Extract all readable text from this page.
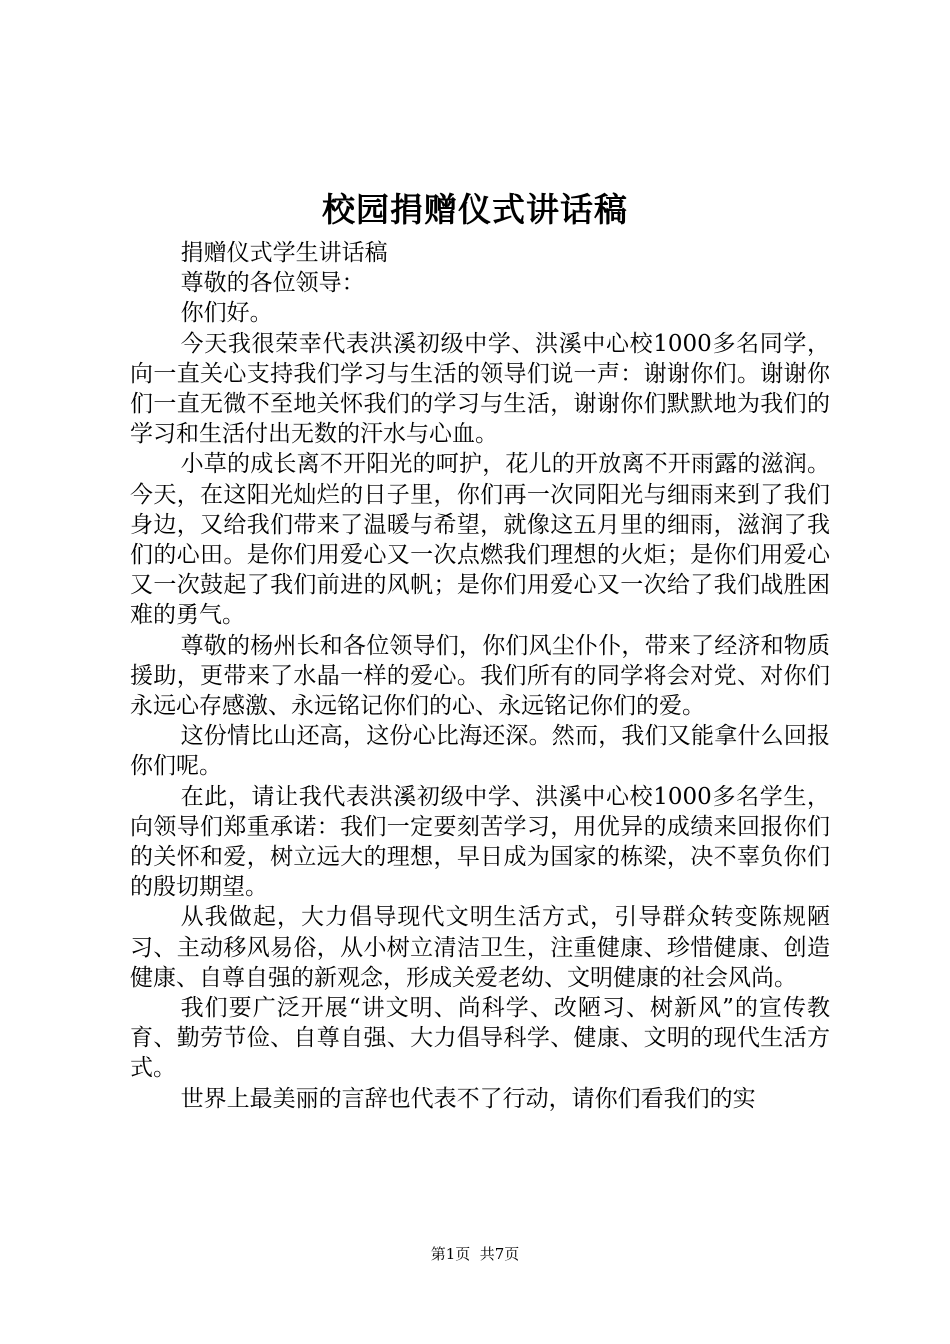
校园捐赠仪式讲话稿

捐赠仪式学生讲话稿

尊敬的各位领导：

你们好。

今天我很荣幸代表洪溪初级中学、洪溪中心校1000多名同学，向一直关心支持我们学习与生活的领导们说一声：谢谢你们。谢谢你们一直无微不至地关怀我们的学习与生活，谢谢你们默默地为我们的学习和生活付出无数的汗水与心血。

小草的成长离不开阳光的呵护，花儿的开放离不开雨露的滋润。今天，在这阳光灿烂的日子里，你们再一次同阳光与细雨来到了我们身边，又给我们带来了温暖与希望，就像这五月里的细雨，滋润了我们的心田。是你们用爱心又一次点燃我们理想的火炬；是你们用爱心又一次鼓起了我们前进的风帆；是你们用爱心又一次给了我们战胜困难的勇气。

尊敬的杨州长和各位领导们，你们风尘仆仆，带来了经济和物质援助，更带来了水晶一样的爱心。我们所有的同学将会对党、对你们永远心存感激、永远铭记你们的心、永远铭记你们的爱。

这份情比山还高，这份心比海还深。然而，我们又能拿什么回报你们呢。

在此，请让我代表洪溪初级中学、洪溪中心校1000多名学生，向领导们郑重承诺：我们一定要刻苦学习，用优异的成绩来回报你们的关怀和爱，树立远大的理想，早日成为国家的栋梁，决不辜负你们的殷切期望。

从我做起，大力倡导现代文明生活方式，引导群众转变陈规陋习、主动移风易俗，从小树立清洁卫生，注重健康、珍惜健康、创造健康、自尊自强的新观念，形成关爱老幼、文明健康的社会风尚。

我们要广泛开展“讲文明、尚科学、改陋习、树新风”的宣传教育、勤劳节俭、自尊自强、大力倡导科学、健康、文明的现代生活方式。

世界上最美丽的言辞也代表不了行动，请你们看我们的实

第1页  共7页
